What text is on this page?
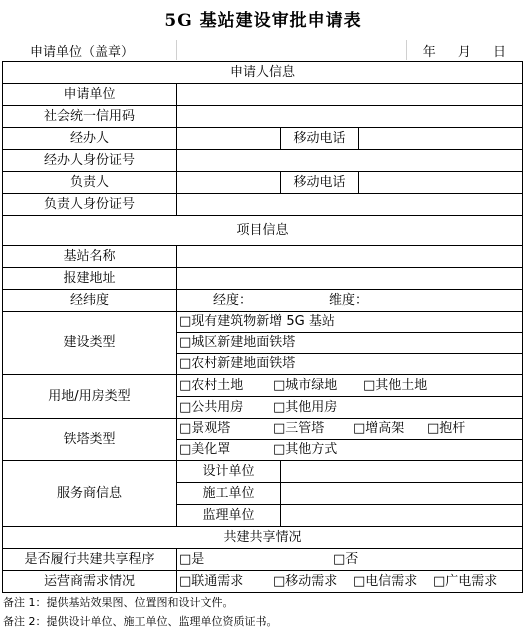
5G 基站建设审批申请表
申请单位（盖章）	年 月 日
申请人信息			
申请单位			
社会统一信用码			
经办人		移动电话	
经办人身份证号			
负责人		移动电话	
负责人身份证号			
项目信息			
基站名称			
报建地址			
经纬度	经度： 维度：		

建设类型	□现有建筑物新增 5G 基站		
	□城区新建地面铁塔		
	□农村新建地面铁塔		
用地/用房类型	□农村土地 □城市绿地 □其他土地		

	□公共用房 □其他用房		

铁塔类型	□景观塔 □三管塔 □增高架 □抱杆		

	□美化罩 □其他方式		

服务商信息	设计单位		
	施工单位		
	监理单位		
共建共享情况			
是否履行共建共享程序	□是 □否		

运营商需求情况	□联通需求 □移动需求 □电信需求 □广电需求		
备注 1：提供基站效果图、位置图和设计文件。
备注 2：提供设计单位、施工单位、监理单位资质证书。
